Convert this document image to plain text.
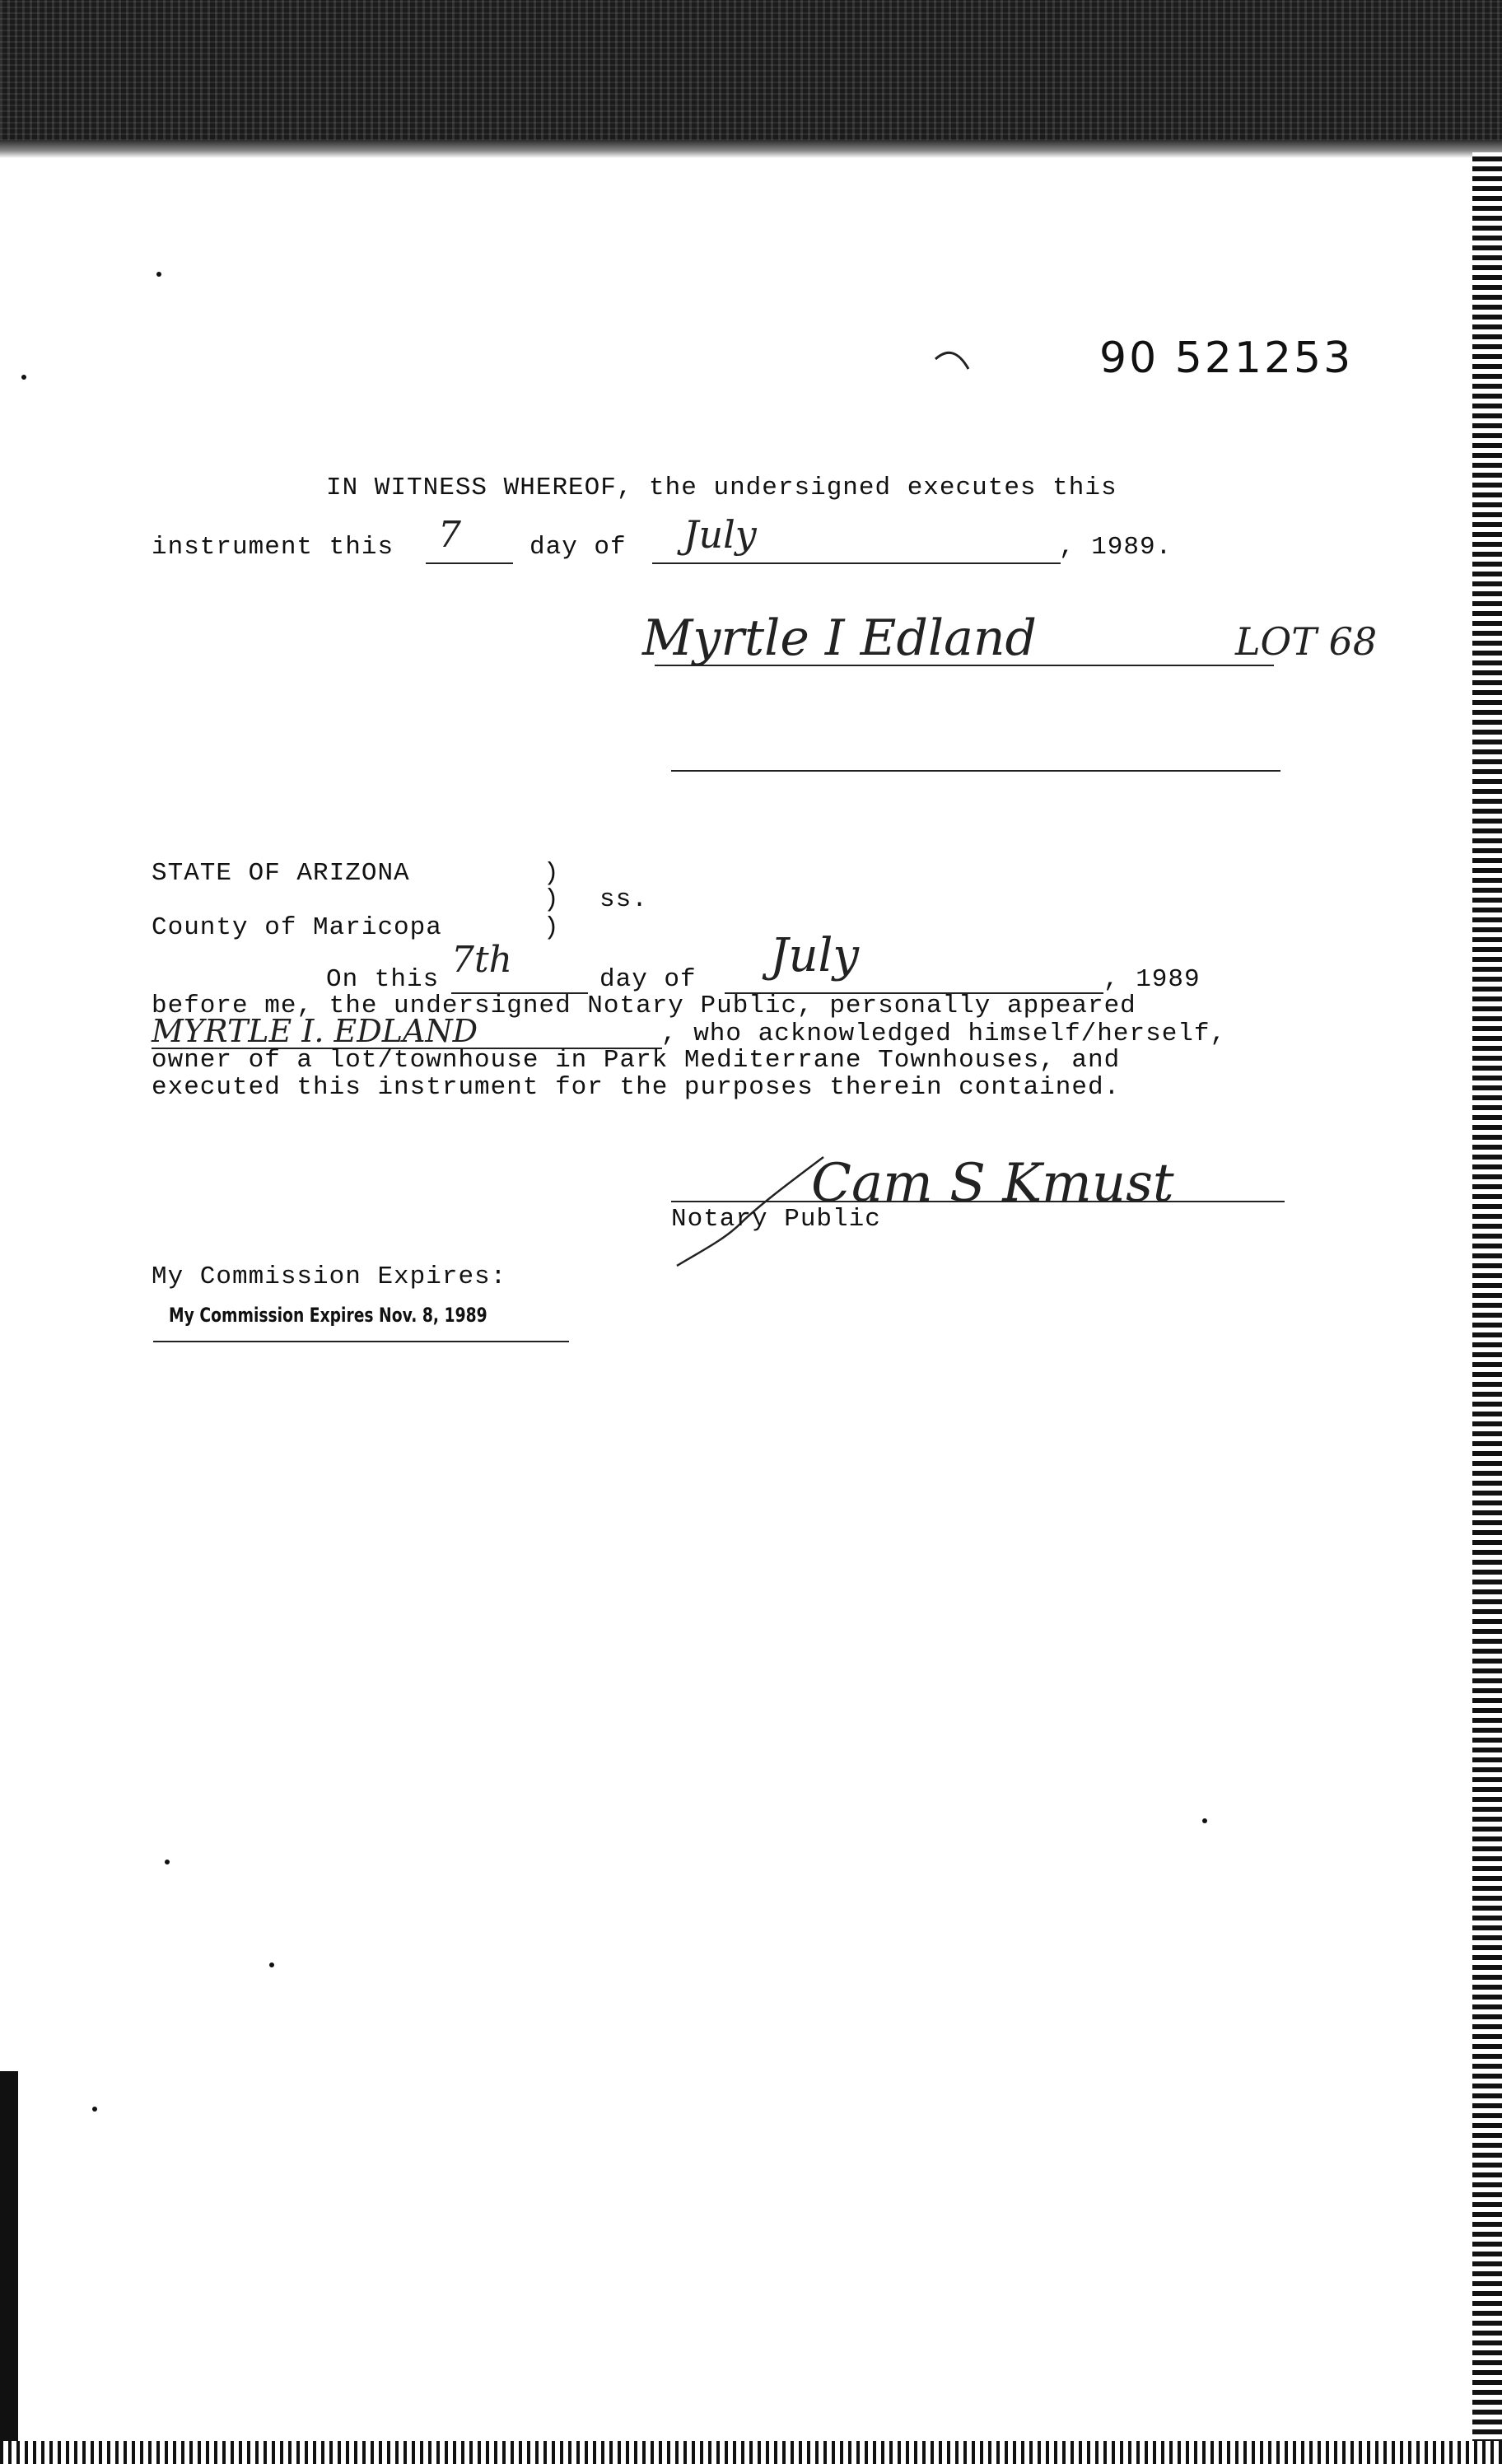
90 521253
IN WITNESS WHEREOF, the undersigned executes this
instrument this 7	day of July	, 1989.
Myrtle I Edland	LOT 68
STATE OF ARIZONA	)
) ss.
County of Maricopa	)
On this 7th	day of July	, 1989
before me, the undersigned Notary Public, personally appeared
MYRTLE I. EDLAND	, who acknowledged himself/herself,
owner of a lot/townhouse in Park Mediterrane Townhouses, and
executed this instrument for the purposes therein contained.
Cam S Kmust
Notary Public
My Commission Expires:
My Commission Expires Nov. 8, 1989
